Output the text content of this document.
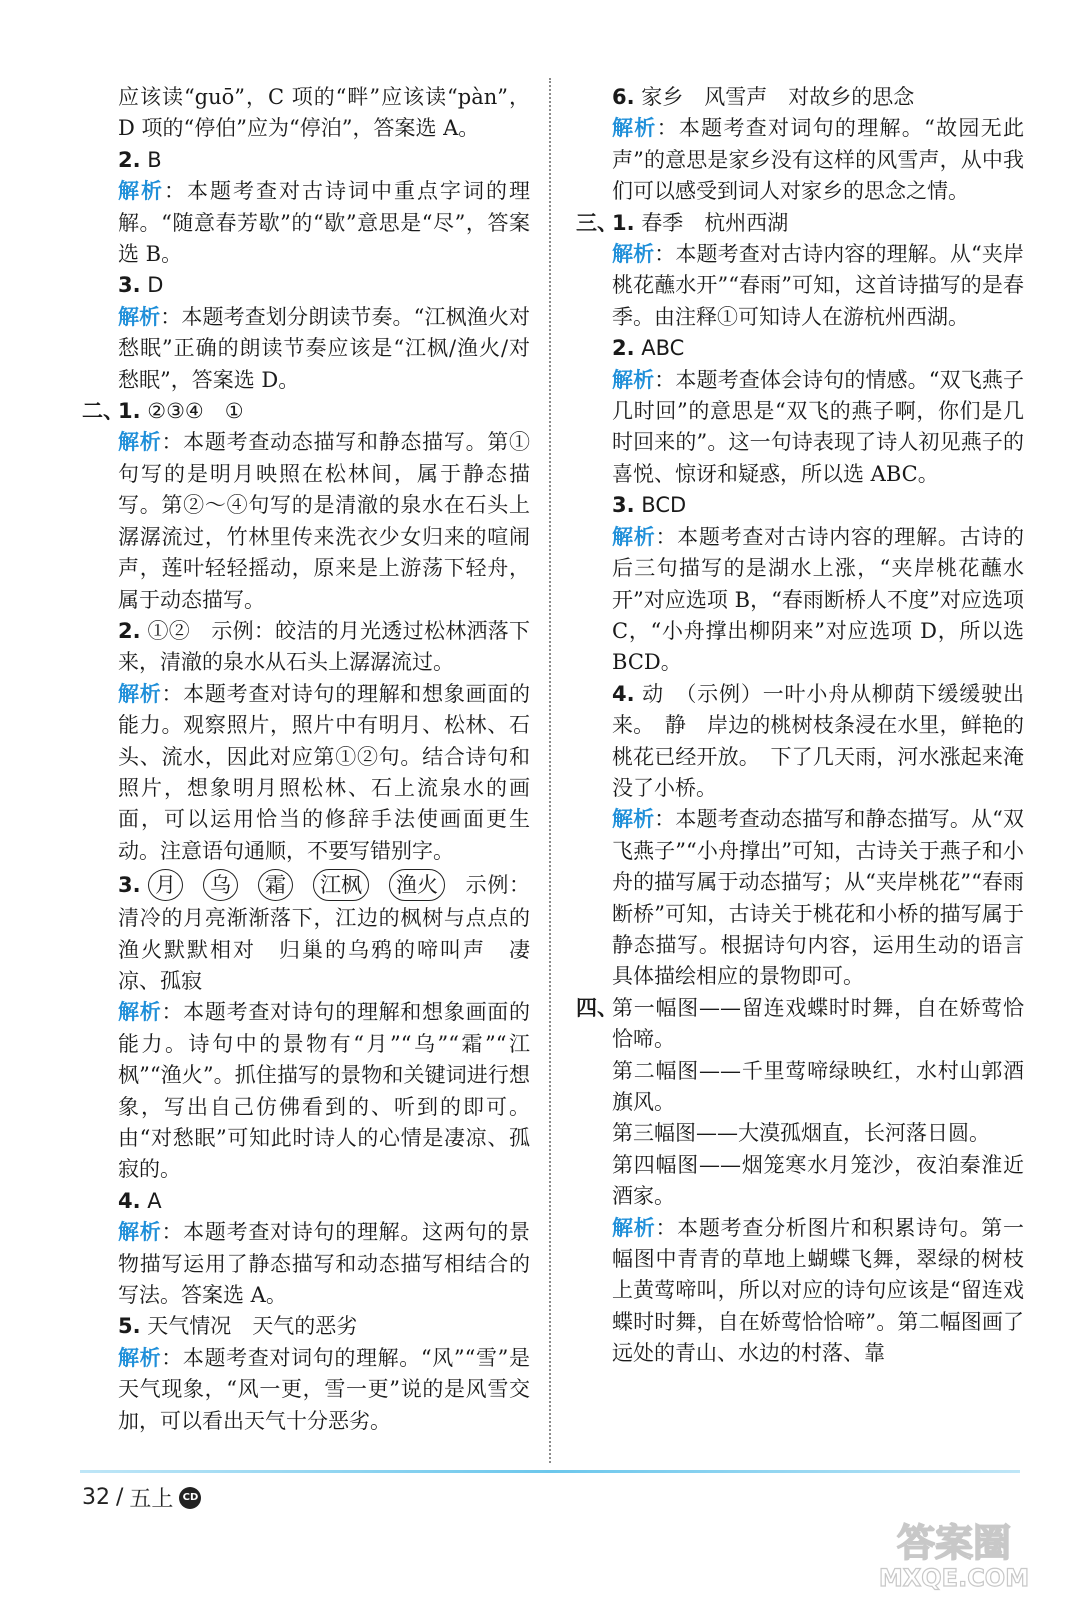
应该读“guō”，C 项的“畔”应该读“pàn”，D 项的“停伯”应为“停泊”，答案选 A。

2. B

解析：本题考查对古诗词中重点字词的理解。“随意春芳歇”的“歇”意思是“尽”，答案选 B。

3. D

解析：本题考查划分朗读节奏。“江枫渔火对愁眠”正确的朗读节奏应该是“江枫/渔火/对愁眠”，答案选 D。

二、
1. ②③④　①

解析：本题考查动态描写和静态描写。第①句写的是明月映照在松林间，属于静态描写。第②～④句写的是清澈的泉水在石头上潺潺流过，竹林里传来洗衣少女归来的喧闹声，莲叶轻轻摇动，原来是上游荡下轻舟，属于动态描写。

2. ①②　示例：皎洁的月光透过松林洒落下来，清澈的泉水从石头上潺潺流过。

解析：本题考查对诗句的理解和想象画面的能力。观察照片，照片中有明月、松林、石头、流水，因此对应第①②句。结合诗句和照片，想象明月照松林、石上流泉水的画面，可以运用恰当的修辞手法使画面更生动。注意语句通顺，不要写错别字。

3. 月 乌 霜 江枫 渔火 示例：清冷的月亮渐渐落下，江边的枫树与点点的渔火默默相对　归巢的乌鸦的啼叫声　凄凉、孤寂

解析：本题考查对诗句的理解和想象画面的能力。诗句中的景物有“月”“乌”“霜”“江枫”“渔火”。抓住描写的景物和关键词进行想象，写出自己仿佛看到的、听到的即可。由“对愁眠”可知此时诗人的心情是凄凉、孤寂的。

4. A

解析：本题考查对诗句的理解。这两句的景物描写运用了静态描写和动态描写相结合的写法。答案选 A。

5. 天气情况　天气的恶劣

解析：本题考查对词句的理解。“风”“雪”是天气现象，“风一更，雪一更”说的是风雪交加，可以看出天气十分恶劣。

6. 家乡　风雪声　对故乡的思念

解析：本题考查对词句的理解。“故园无此声”的意思是家乡没有这样的风雪声，从中我们可以感受到词人对家乡的思念之情。

三、
1. 春季　杭州西湖

解析：本题考查对古诗内容的理解。从“夹岸桃花蘸水开”“春雨”可知，这首诗描写的是春季。由注释①可知诗人在游杭州西湖。

2. ABC

解析：本题考查体会诗句的情感。“双飞燕子几时回”的意思是“双飞的燕子啊，你们是几时回来的”。这一句诗表现了诗人初见燕子的喜悦、惊讶和疑惑，所以选 ABC。

3. BCD

解析：本题考查对古诗内容的理解。古诗的后三句描写的是湖水上涨，“夹岸桃花蘸水开”对应选项 B，“春雨断桥人不度”对应选项 C，“小舟撑出柳阴来”对应选项 D，所以选 BCD。

4. 动　（示例）一叶小舟从柳荫下缓缓驶出来。　静　岸边的桃树枝条浸在水里，鲜艳的桃花已经开放。　下了几天雨，河水涨起来淹没了小桥。

解析：本题考查动态描写和静态描写。从“双飞燕子”“小舟撑出”可知，古诗关于燕子和小舟的描写属于动态描写；从“夹岸桃花”“春雨断桥”可知，古诗关于桃花和小桥的描写属于静态描写。根据诗句内容，运用生动的语言具体描绘相应的景物即可。

四、
第一幅图——留连戏蝶时时舞，自在娇莺恰恰啼。

第二幅图——千里莺啼绿映红，水村山郭酒旗风。

第三幅图——大漠孤烟直，长河落日圆。

第四幅图——烟笼寒水月笼沙，夜泊秦淮近酒家。

解析：本题考查分析图片和积累诗句。第一幅图中青青的草地上蝴蝶飞舞，翠绿的树枝上黄莺啼叫，所以对应的诗句应该是“留连戏蝶时时舞，自在娇莺恰恰啼”。第二幅图画了远处的青山、水边的村落、靠

32 / 五上 CD
答案圈
MXQE.COM
